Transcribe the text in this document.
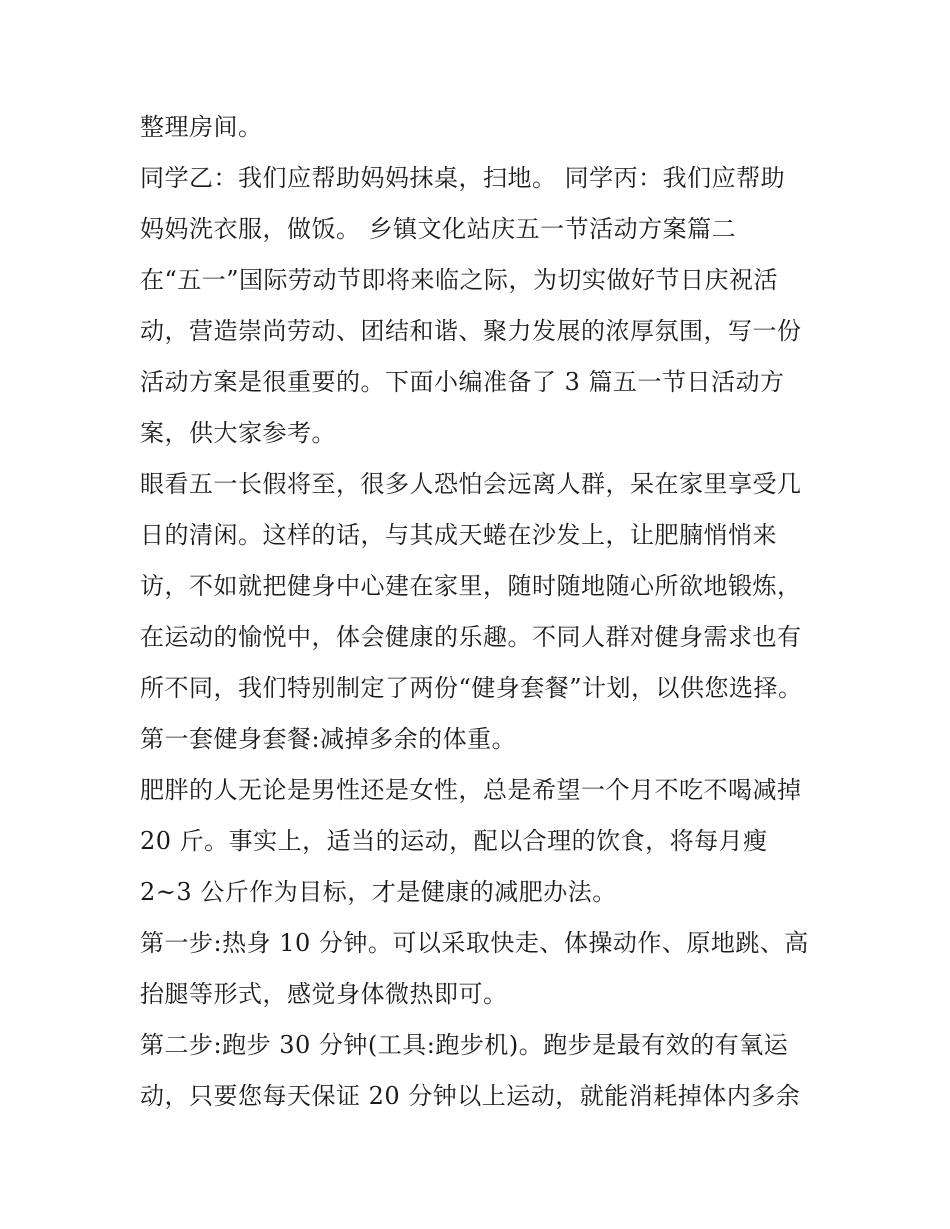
整理房间。
同学乙：我们应帮助妈妈抹桌，扫地。 同学丙：我们应帮助
妈妈洗衣服，做饭。 乡镇文化站庆五一节活动方案篇二
在“五一”国际劳动节即将来临之际，为切实做好节日庆祝活
动，营造崇尚劳动、团结和谐、聚力发展的浓厚氛围，写一份
活动方案是很重要的。下面小编准备了 3 篇五一节日活动方
案，供大家参考。
眼看五一长假将至，很多人恐怕会远离人群，呆在家里享受几
日的清闲。这样的话，与其成天蜷在沙发上，让肥腩悄悄来
访，不如就把健身中心建在家里，随时随地随心所欲地锻炼，
在运动的愉悦中，体会健康的乐趣。不同人群对健身需求也有
所不同，我们特别制定了两份“健身套餐”计划，以供您选择。
第一套健身套餐:减掉多余的体重。
肥胖的人无论是男性还是女性，总是希望一个月不吃不喝减掉
20 斤。事实上，适当的运动，配以合理的饮食，将每月瘦
2~3 公斤作为目标，才是健康的减肥办法。
第一步:热身 10 分钟。可以采取快走、体操动作、原地跳、高
抬腿等形式，感觉身体微热即可。
第二步:跑步 30 分钟(工具:跑步机)。跑步是最有效的有氧运
动，只要您每天保证 20 分钟以上运动，就能消耗掉体内多余
